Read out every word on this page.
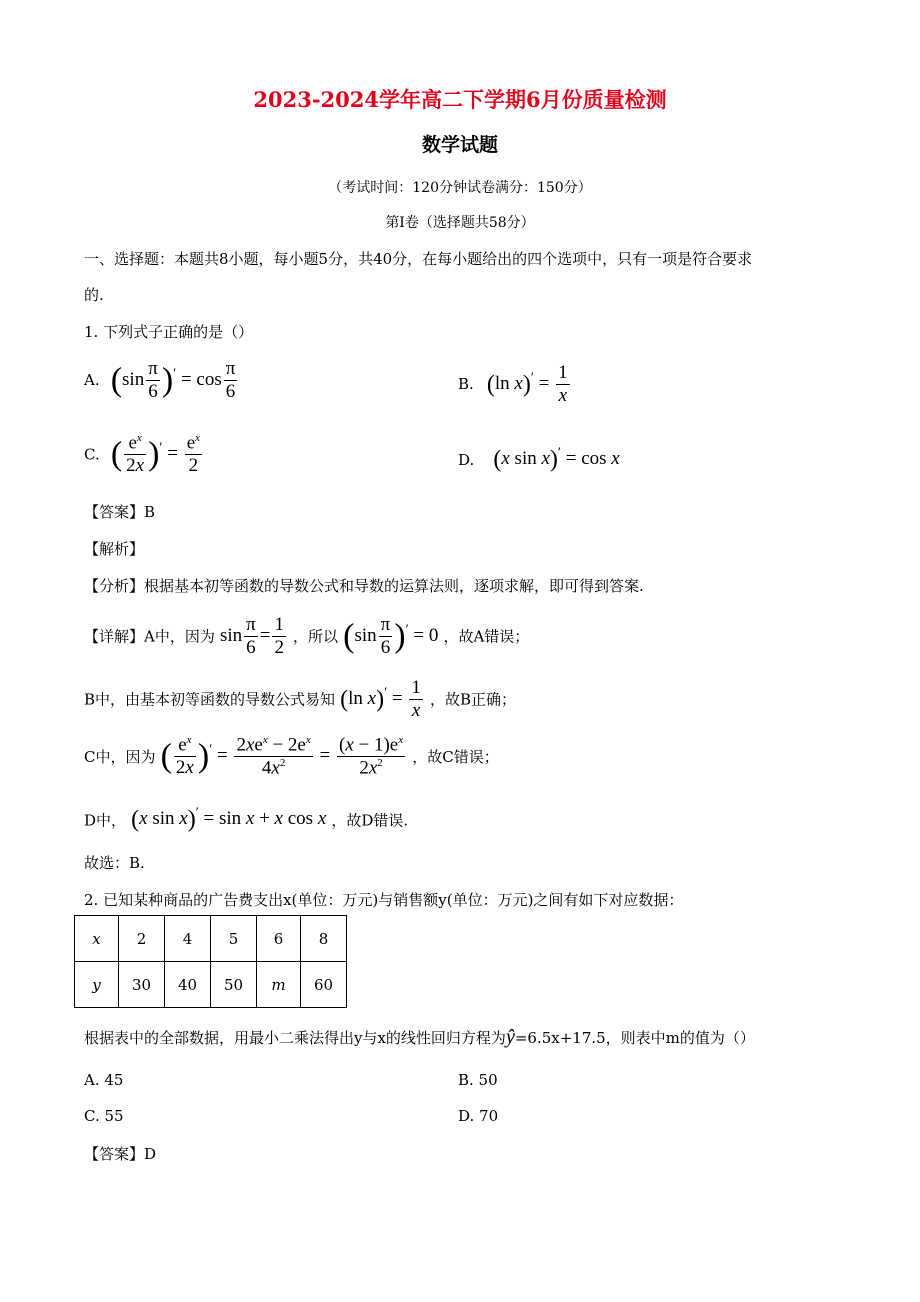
2023-2024学年高二下学期6月份质量检测
数学试题
（考试时间：120分钟试卷满分：150分）
第Ⅰ卷（选择题共58分）
一、选择题：本题共8小题，每小题5分，共40分，在每小题给出的四个选项中，只有一项是符合要求
的.
1. 下列式子正确的是（）
A. $(\sin \frac{\pi}{6} )' = \cos \frac{\pi}{6}$	B. (ln $x)' = \frac{1}{x}$
C. ( $\frac{e^x}{2x} )' = \frac{e^x}{2}$	D. (x sin x)′ = cos x
【答案】B
【解析】
【分析】根据基本初等函数的导数公式和导数的运算法则，逐项求解，即可得到答案.
【详解】A中，因为 $\sin \frac{\pi}{6} = \frac{1}{2}$ ，所以 $(\sin \frac{\pi}{6} )' = 0$ ，故A错误；
B中，由基本初等函数的导数公式易知 (ln $x)' = \frac{1}{x}$ ，故B正确；
C中，因为 ( $\frac{e^x}{2x} )' = \frac{2xe^x - 2e^x}{4x^2} = \frac{(x - 1)e^x}{2x^2}$ ，故C错误；
D中， (x sin x)′ = sin x + x cos x ，故D错误.
故选：B.
2. 已知某种商品的广告费支出x(单位：万元)与销售额y(单位：万元)之间有如下对应数据：
x	2	4	5	6	8
y	30	40	50	m	60
根据表中的全部数据，用最小二乘法得出y与x的线性回归方程为ŷ=6.5x+17.5，则表中m的值为（）
A. 45	B. 50
C. 55	D. 70
【答案】D
